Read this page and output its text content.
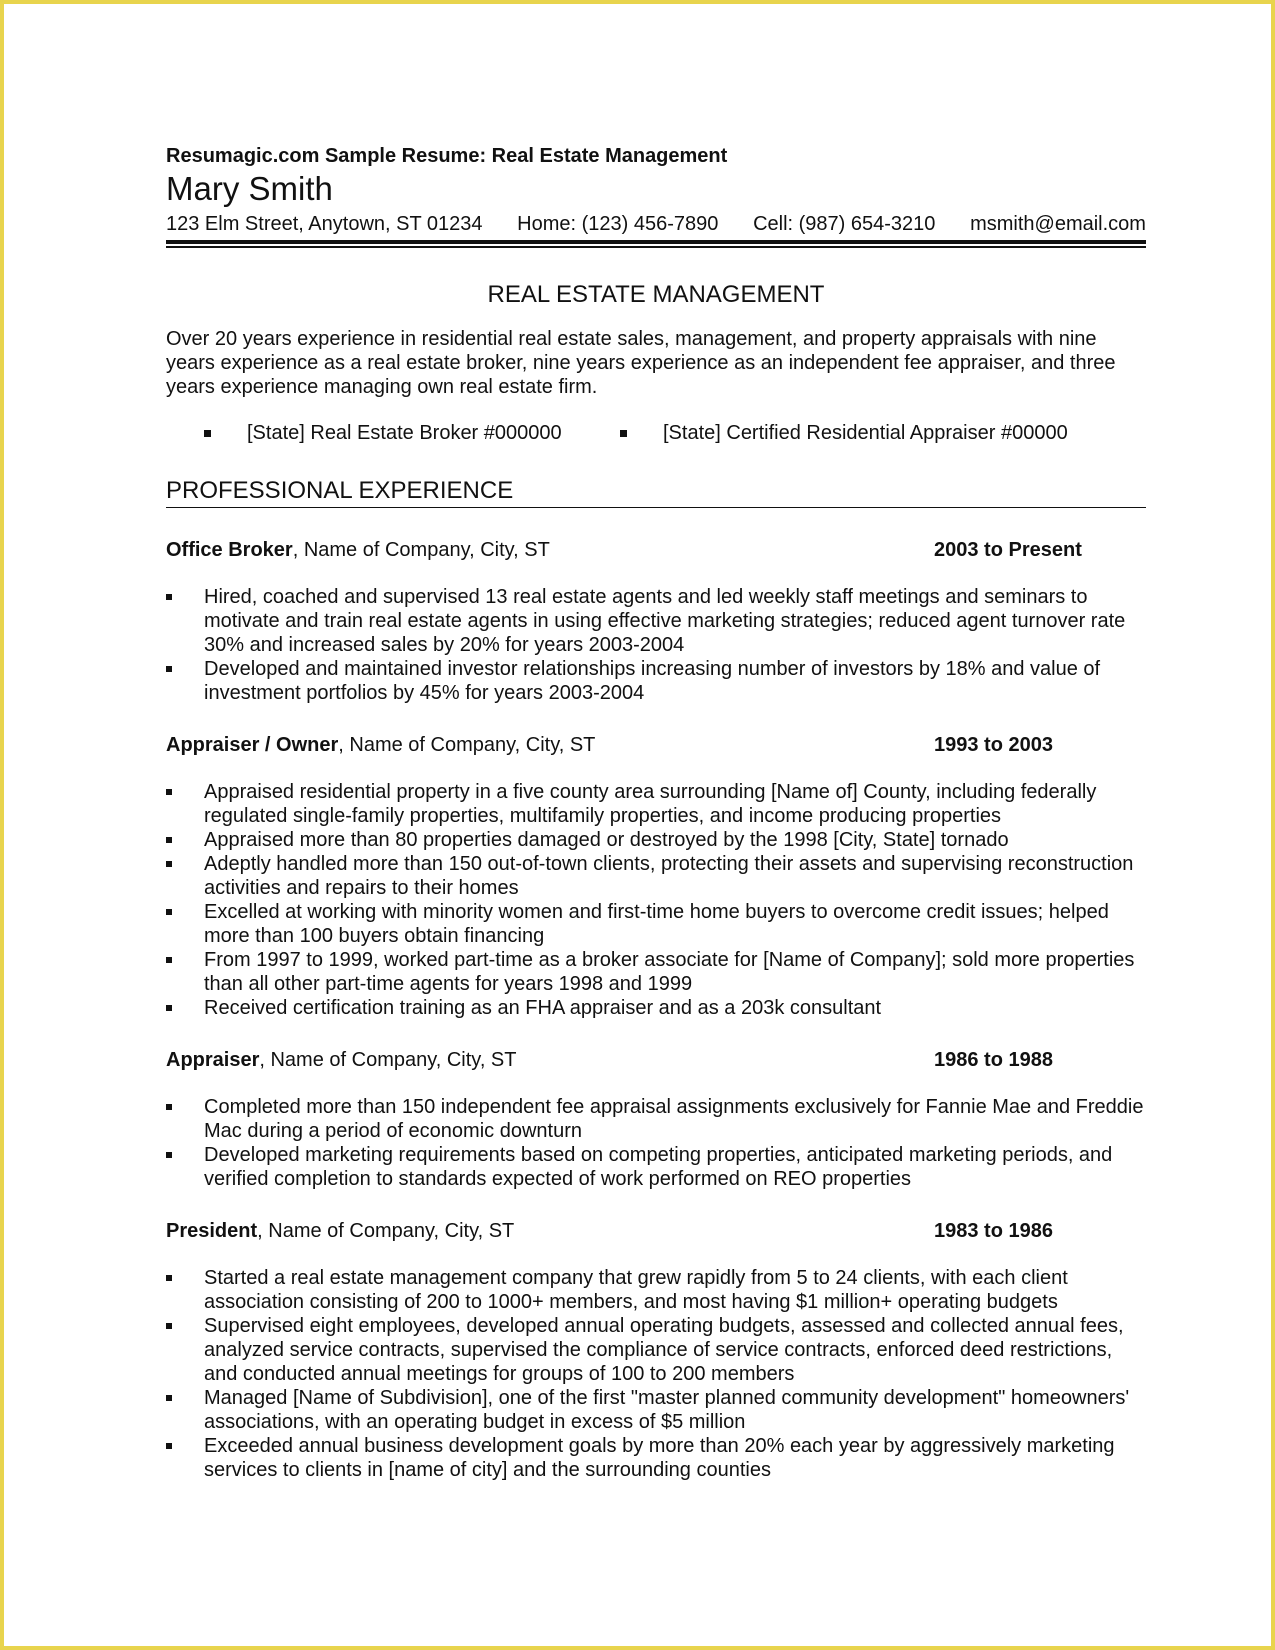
Resumagic.com Sample Resume: Real Estate Management
Mary Smith
123 Elm Street, Anytown, ST 01234 Home: (123) 456-7890 Cell: (987) 654-3210 msmith@email.com
REAL ESTATE MANAGEMENT
Over 20 years experience in residential real estate sales, management, and property appraisals with nine years experience as a real estate broker, nine years experience as an independent fee appraiser, and three years experience managing own real estate firm.
[State] Real Estate Broker #000000	[State] Certified Residential Appraiser #00000
PROFESSIONAL EXPERIENCE
Office Broker, Name of Company, City, ST	2003 to Present
Hired, coached and supervised 13 real estate agents and led weekly staff meetings and seminars to motivate and train real estate agents in using effective marketing strategies; reduced agent turnover rate 30% and increased sales by 20% for years 2003-2004
Developed and maintained investor relationships increasing number of investors by 18% and value of investment portfolios by 45% for years 2003-2004
Appraiser / Owner, Name of Company, City, ST	1993 to 2003
Appraised residential property in a five county area surrounding [Name of] County, including federally regulated single-family properties, multifamily properties, and income producing properties
Appraised more than 80 properties damaged or destroyed by the 1998 [City, State] tornado
Adeptly handled more than 150 out-of-town clients, protecting their assets and supervising reconstruction activities and repairs to their homes
Excelled at working with minority women and first-time home buyers to overcome credit issues; helped more than 100 buyers obtain financing
From 1997 to 1999, worked part-time as a broker associate for [Name of Company]; sold more properties than all other part-time agents for years 1998 and 1999
Received certification training as an FHA appraiser and as a 203k consultant
Appraiser, Name of Company, City, ST	1986 to 1988
Completed more than 150 independent fee appraisal assignments exclusively for Fannie Mae and Freddie Mac during a period of economic downturn
Developed marketing requirements based on competing properties, anticipated marketing periods, and verified completion to standards expected of work performed on REO properties
President, Name of Company, City, ST	1983 to 1986
Started a real estate management company that grew rapidly from 5 to 24 clients, with each client association consisting of 200 to 1000+ members, and most having $1 million+ operating budgets
Supervised eight employees, developed annual operating budgets, assessed and collected annual fees, analyzed service contracts, supervised the compliance of service contracts, enforced deed restrictions, and conducted annual meetings for groups of 100 to 200 members
Managed [Name of Subdivision], one of the first "master planned community development" homeowners' associations, with an operating budget in excess of $5 million
Exceeded annual business development goals by more than 20% each year by aggressively marketing services to clients in [name of city] and the surrounding counties
